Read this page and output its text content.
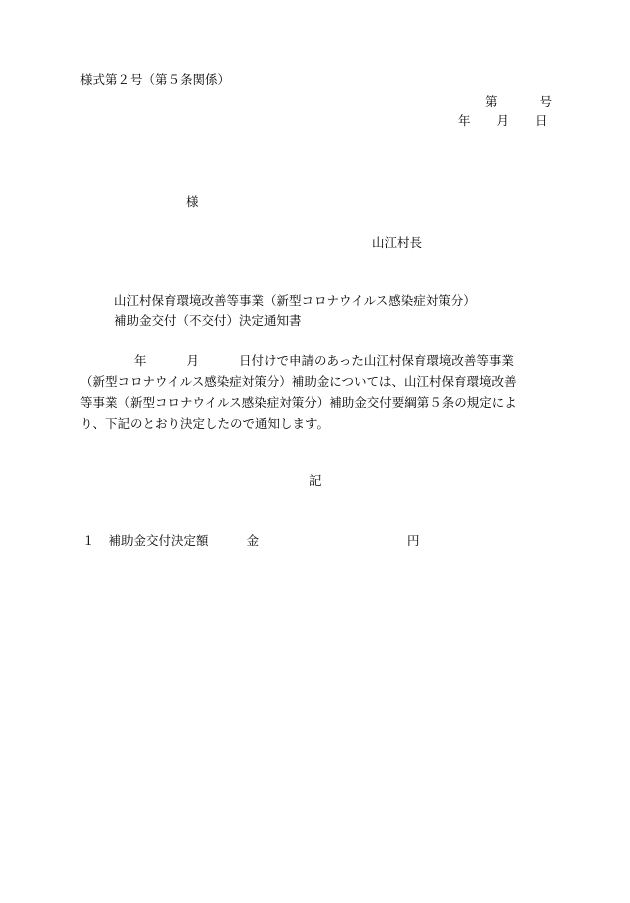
様式第２号（第５条関係）
第	号
年 月 日
様
山江村長
山江村保育環境改善等事業（新型コロナウイルス感染症対策分）
補助金交付（不交付）決定通知書
年	月	日付けで申請のあった山江村保育環境改善等事業
（新型コロナウイルス感染症対策分）補助金については、山江村保育環境改善
等事業（新型コロナウイルス感染症対策分）補助金交付要綱第５条の規定によ
り、下記のとおり決定したので通知します。
記
１ 補助金交付決定額	金	円
